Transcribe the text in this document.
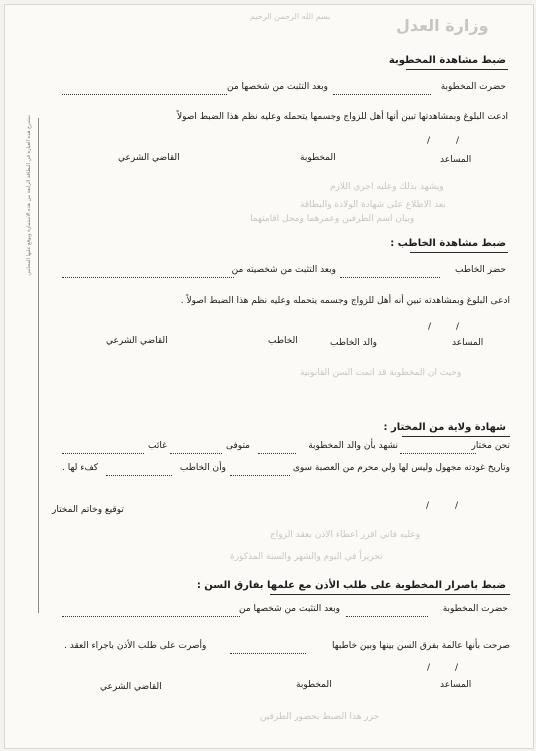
وزارة العدل
بسم الله الرحمن الرحيم
ستدرج هذه العبارة في البطاقة الرابعة من هذه الاستمارة ويوقع عليها المحامي
ضبط مشاهدة المخطوبة
حضرت المخطوبة
وبعد التثبت من شخصها من
ادعت البلوغ وبمشاهدتها تبين أنها أهل للزواج وجسمها يتحمله وعليه نظم هذا الضبط اصولاً
/	/
المساعد
المخطوبة
القاضي الشرعي
ويشهد بذلك وعليه اجري اللازم
بعد الاطلاع على شهادة الولادة والبطاقة
وبيان اسم الطرفين وعمرهما ومحل اقامتهما
ضبط مشاهدة الخاطب :
حضر الخاطب
وبعد التثبت من شخصيته من
ادعى البلوغ وبمشاهدته تبين أنه أهل للزواج وجسمه يتحمله وعليه نظم هذا الضبط اصولاً .
/	/
المساعد
والد الخاطب
الخاطب
القاضي الشرعي
وحيث ان المخطوبة قد اتمت السن القانونية
شهادة ولاية من المختار :
نحن مختار
نشهد بأن والد المخطوبة
متوفى
غائب
وتاريخ غودته مجهول وليس لها ولي محرم من العصبة سوى
وأن الخاطب
كفء لها .
/	/
توقيع وخاتم المختار
وعليه فاني اقرر اعطاء الاذن بعقد الزواج
تحريراً في اليوم والشهر والسنة المذكورة
ضبط باصرار المخطوبة على طلب الأذن مع علمها بفارق السن :
حضرت المخطوبة
وبعد التثبت من شخصها من
صرحت بأنها عالمة بفرق السن بينها وبين خاطبها
وأصرت على طلب الأذن باجراء العقد .
/	/
المساعد
المخطوبة
القاضي الشرعي
حرر هذا الضبط بحضور الطرفين
